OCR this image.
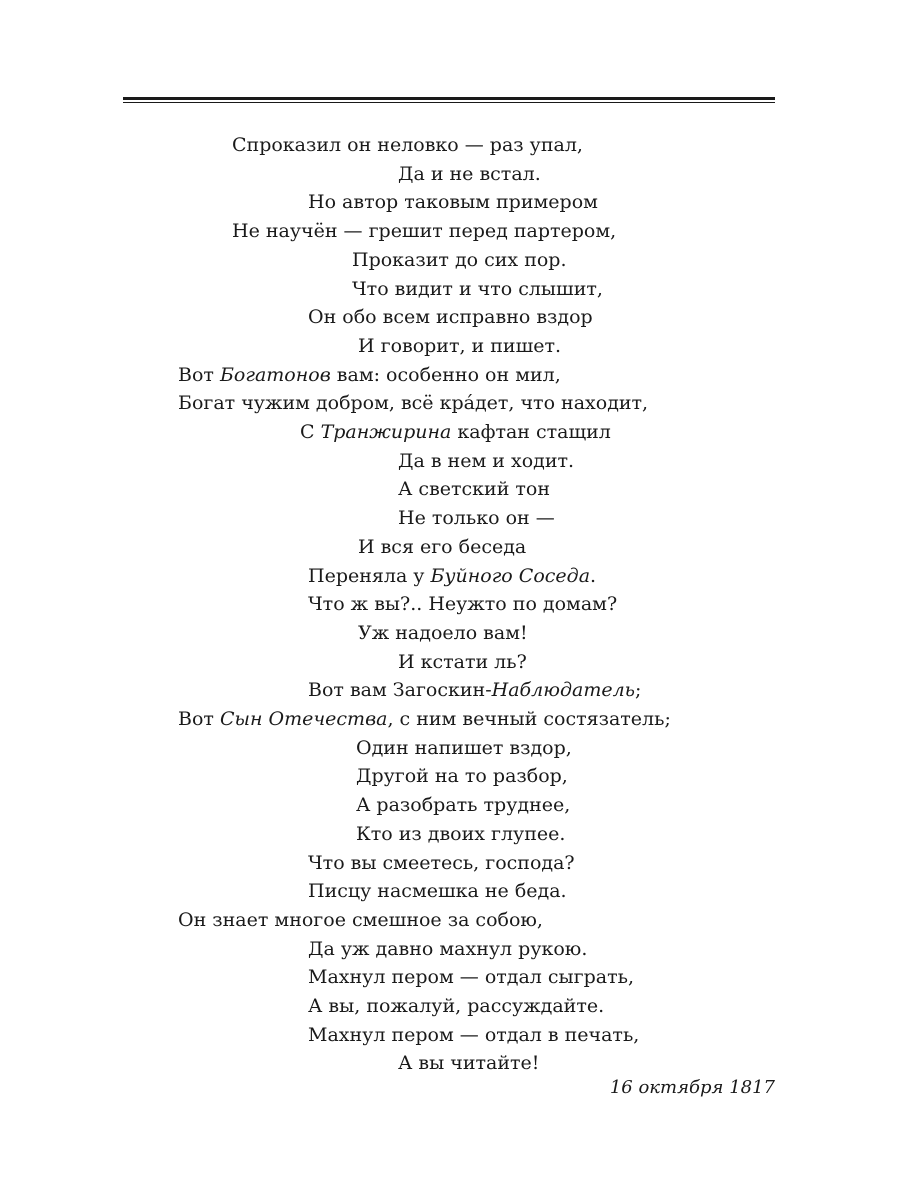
Спроказил он неловко — раз упал,
Да и не встал.
Но автор таковым примером
Не научён — грешит перед партером,
Проказит до сих пор.
Что видит и что слышит,
Он обо всем исправно вздор
И говорит, и пишет.
Вот Богатонов вам: особенно он мил,
Богат чужим добром, всё кра́дет, что находит,
С Транжирина кафтан стащил
Да в нем и ходит.
А светский тон
Не только он —
И вся его беседа
Переняла у Буйного Соседа.
Что ж вы?.. Неужто по домам?
Уж надоело вам!
И кстати ль?
Вот вам Загоскин-Наблюдатель;
Вот Сын Отечества, с ним вечный состязатель;
Один напишет вздор,
Другой на то разбор,
А разобрать труднее,
Кто из двоих глупее.
Что вы смеетесь, господа?
Писцу насмешка не беда.
Он знает многое смешное за собою,
Да уж давно махнул рукою.
Махнул пером — отдал сыграть,
А вы, пожалуй, рассуждайте.
Махнул пером — отдал в печать,
А вы читайте!
16 октября 1817
